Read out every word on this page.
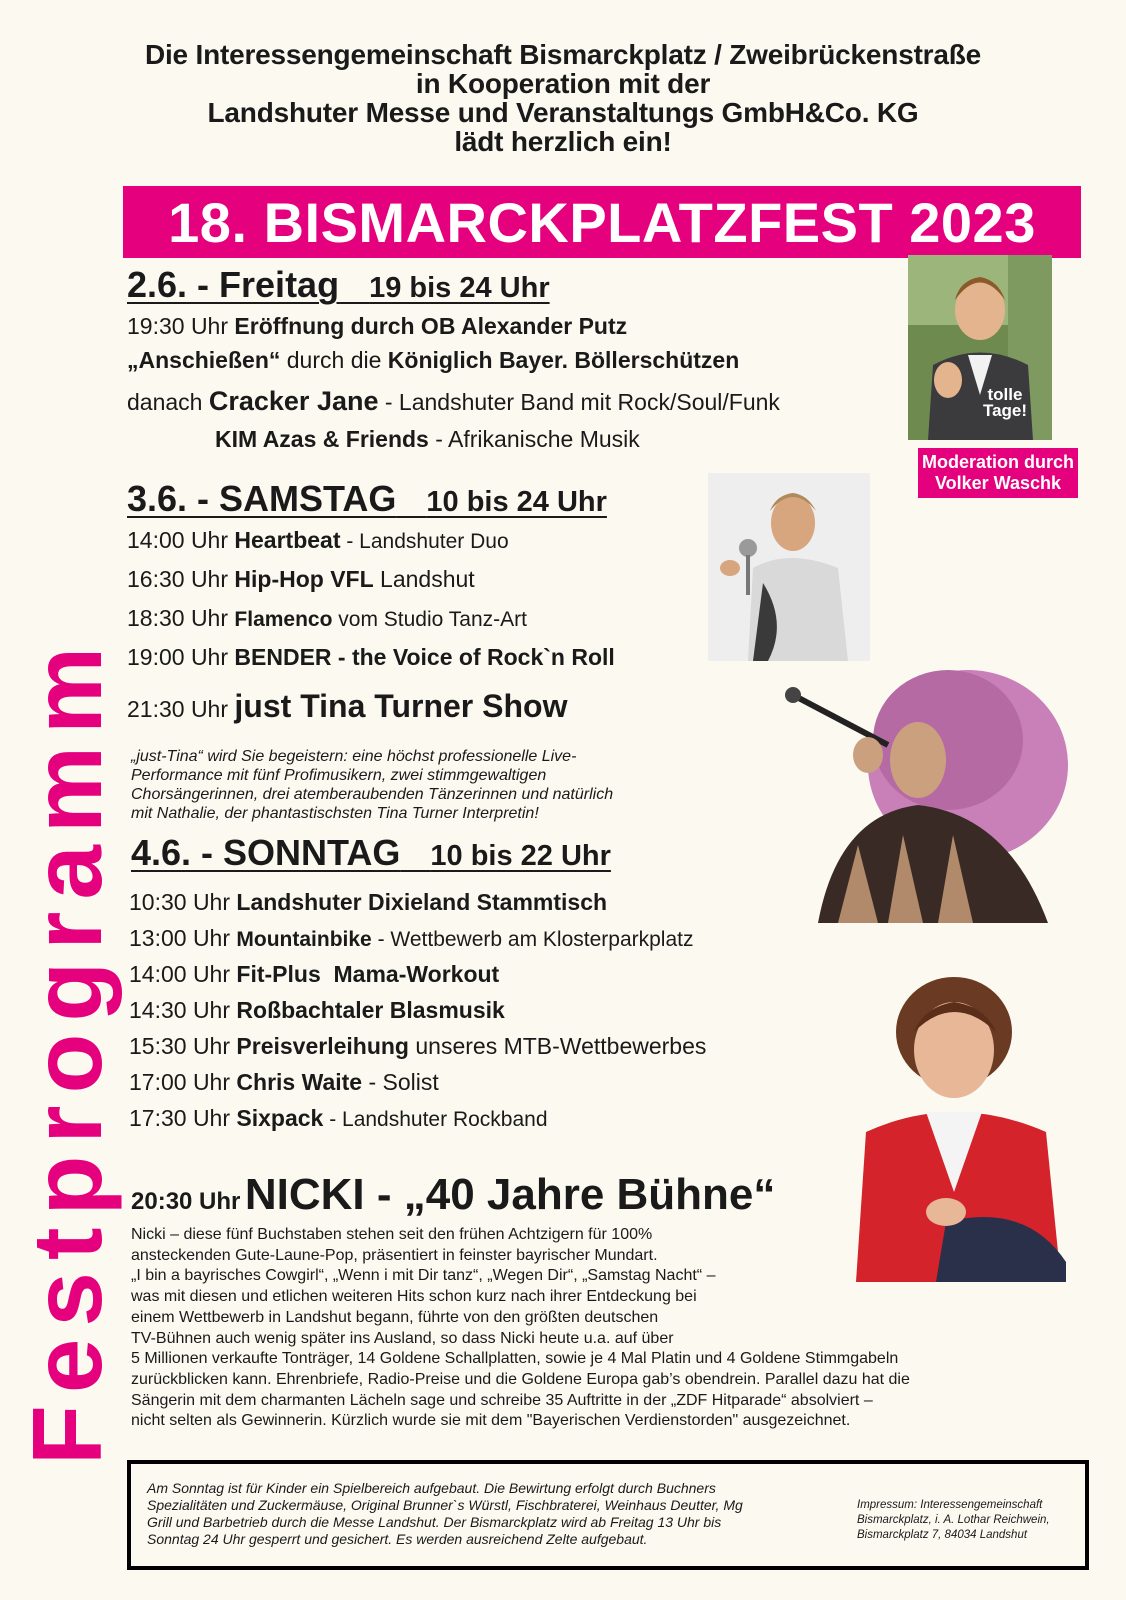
Die Interessengemeinschaft Bismarckplatz / Zweibrückenstraße
in Kooperation mit der
Landshuter Messe und Veranstaltungs GmbH&Co. KG
lädt herzlich ein!
Festprogramm
18. BISMARCKPLATZFEST 2023
tolle
Tage!
Moderation durch
Volker Waschk
2.6. - Freitag 19 bis 24 Uhr
19:30 Uhr Eröffnung durch OB Alexander Putz
„Anschießen“ durch die Königlich Bayer. Böllerschützen
danach Cracker Jane - Landshuter Band mit Rock/Soul/Funk
KIM Azas & Friends - Afrikanische Musik
3.6. - SAMSTAG 10 bis 24 Uhr
14:00 Uhr Heartbeat - Landshuter Duo
16:30 Uhr Hip-Hop VFL Landshut
18:30 Uhr Flamenco vom Studio Tanz-Art
19:00 Uhr BENDER - the Voice of Rock`n Roll
21:30 Uhr just Tina Turner Show
„just-Tina“ wird Sie begeistern: eine höchst professionelle Live-
Performance mit fünf Profimusikern, zwei stimmgewaltigen
Chorsängerinnen, drei atemberaubenden Tänzerinnen und natürlich
mit Nathalie, der phantastischsten Tina Turner Interpretin!
4.6. - SONNTAG 10 bis 22 Uhr
10:30 Uhr Landshuter Dixieland Stammtisch
13:00 Uhr Mountainbike - Wettbewerb am Klosterparkplatz
14:00 Uhr Fit-Plus  Mama-Workout
14:30 Uhr Roßbachtaler Blasmusik
15:30 Uhr Preisverleihung unseres MTB-Wettbewerbes
17:00 Uhr Chris Waite - Solist
17:30 Uhr Sixpack - Landshuter Rockband
20:30 Uhr NICKI - „40 Jahre Bühne“
Nicki – diese fünf Buchstaben stehen seit den frühen Achtzigern für 100%
ansteckenden Gute-Laune-Pop, präsentiert in feinster bayrischer Mundart.
„I bin a bayrisches Cowgirl“, „Wenn i mit Dir tanz“, „Wegen Dir“, „Samstag Nacht“ –
was mit diesen und etlichen weiteren Hits schon kurz nach ihrer Entdeckung bei
einem Wettbewerb in Landshut begann, führte von den größten deutschen
TV-Bühnen auch wenig später ins Ausland, so dass Nicki heute u.a. auf über
5 Millionen verkaufte Tonträger, 14 Goldene Schallplatten, sowie je 4 Mal Platin und 4 Goldene Stimmgabeln
zurückblicken kann. Ehrenbriefe, Radio-Preise und die Goldene Europa gab’s obendrein. Parallel dazu hat die
Sängerin mit dem charmanten Lächeln sage und schreibe 35 Auftritte in der „ZDF Hitparade“ absolviert –
nicht selten als Gewinnerin. Kürzlich wurde sie mit dem "Bayerischen Verdienstorden" ausgezeichnet.
Am Sonntag ist für Kinder ein Spielbereich aufgebaut. Die Bewirtung erfolgt durch Buchners
Spezialitäten und Zuckermäuse, Original Brunner`s Würstl, Fischbraterei, Weinhaus Deutter, Mg
Grill und Barbetrieb durch die Messe Landshut. Der Bismarckplatz wird ab Freitag 13 Uhr bis
Sonntag 24 Uhr gesperrt und gesichert. Es werden ausreichend Zelte aufgebaut.
Impressum: Interessengemeinschaft
Bismarckplatz, i. A. Lothar Reichwein,
Bismarckplatz 7, 84034 Landshut
